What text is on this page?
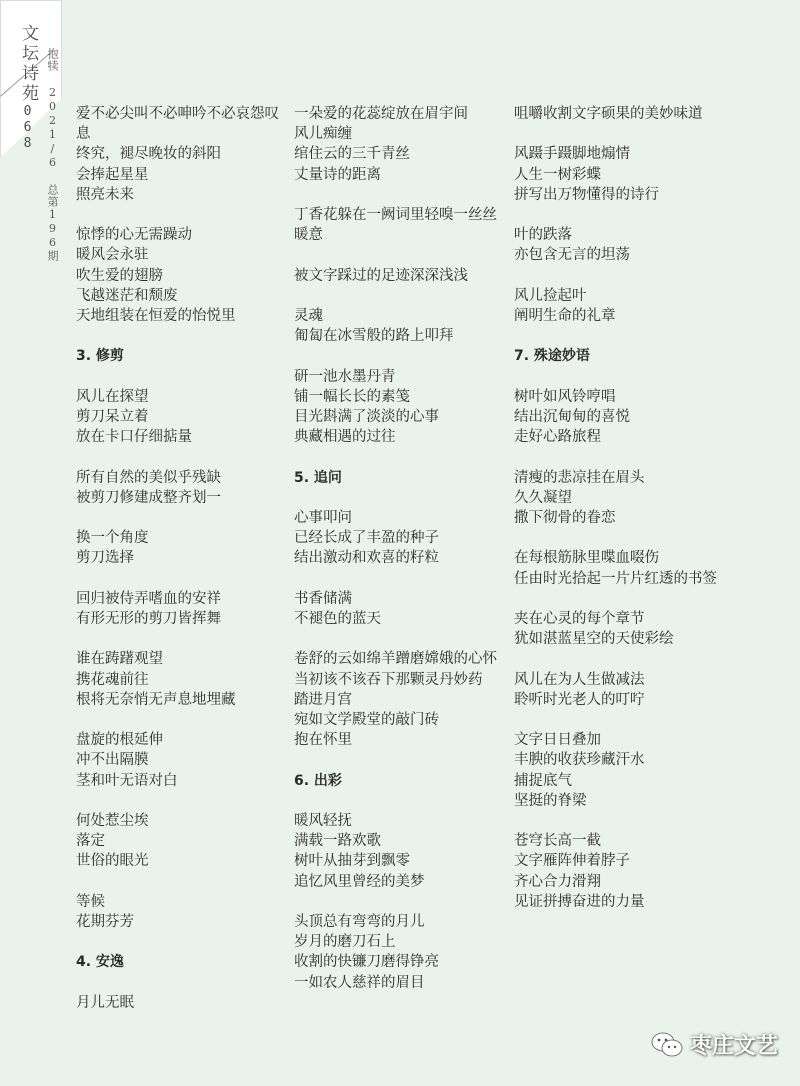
文坛诗苑
068 抱犊 2021/6 总第196期 爱不必尖叫不必呻吟不必哀怨叹息
终究，褪尽晚妆的斜阳
会捧起星星
照亮未来
惊悸的心无需躁动
暖风会永驻
吹生爱的翅膀
飞越迷茫和颓废
天地组装在恒爱的怡悦里
3. 修剪
风儿在探望
剪刀呆立着
放在卡口仔细掂量
所有自然的美似乎残缺
被剪刀修建成整齐划一
换一个角度
剪刀选择
回归被侍弄嗜血的安祥
有形无形的剪刀皆挥舞
谁在踌躇观望
携花魂前往
根将无奈悄无声息地埋藏
盘旋的根延伸
冲不出隔膜
茎和叶无语对白
何处惹尘埃
落定
世俗的眼光
等候
花期芬芳
4. 安逸
月儿无眠
一朵爱的花蕊绽放在眉宇间
风儿痴缠
绾住云的三千青丝
丈量诗的距离
丁香花躲在一阙词里轻嗅一丝丝暖意
被文字踩过的足迹深深浅浅
灵魂
匍匐在冰雪般的路上叩拜
研一池水墨丹青
铺一幅长长的素笺
目光斟满了淡淡的心事
典藏相遇的过往
5. 追问
心事叩问
已经长成了丰盈的种子
结出激动和欢喜的籽粒
书香储满
不褪色的蓝天
卷舒的云如绵羊蹭磨嫦娥的心怀
当初该不该吞下那颗灵丹妙药
踏进月宫
宛如文学殿堂的敲门砖
抱在怀里
6. 出彩
暖风轻抚
满载一路欢歌
树叶从抽芽到飘零
追忆风里曾经的美梦
头顶总有弯弯的月儿
岁月的磨刀石上
收割的快镰刀磨得铮亮
一如农人慈祥的眉目
咀嚼收割文字硕果的美妙味道
风蹑手蹑脚地煽情
人生一树彩蝶
拼写出万物懂得的诗行
叶的跌落
亦包含无言的坦荡
风儿捡起叶
阐明生命的礼章
7. 殊途妙语
树叶如风铃哼唱
结出沉甸甸的喜悦
走好心路旅程
清瘦的悲凉挂在眉头
久久凝望
撒下彻骨的眷恋
在每根筋脉里喋血啜伤
任由时光拾起一片片红透的书签
夹在心灵的每个章节
犹如湛蓝星空的天使彩绘
风儿在为人生做减法
聆听时光老人的叮咛
文字日日叠加
丰腴的收获珍藏汗水
捕捉底气
坚挺的脊梁
苍穹长高一截
文字雁阵伸着脖子
齐心合力滑翔
见证拼搏奋进的力量
枣庄文艺
